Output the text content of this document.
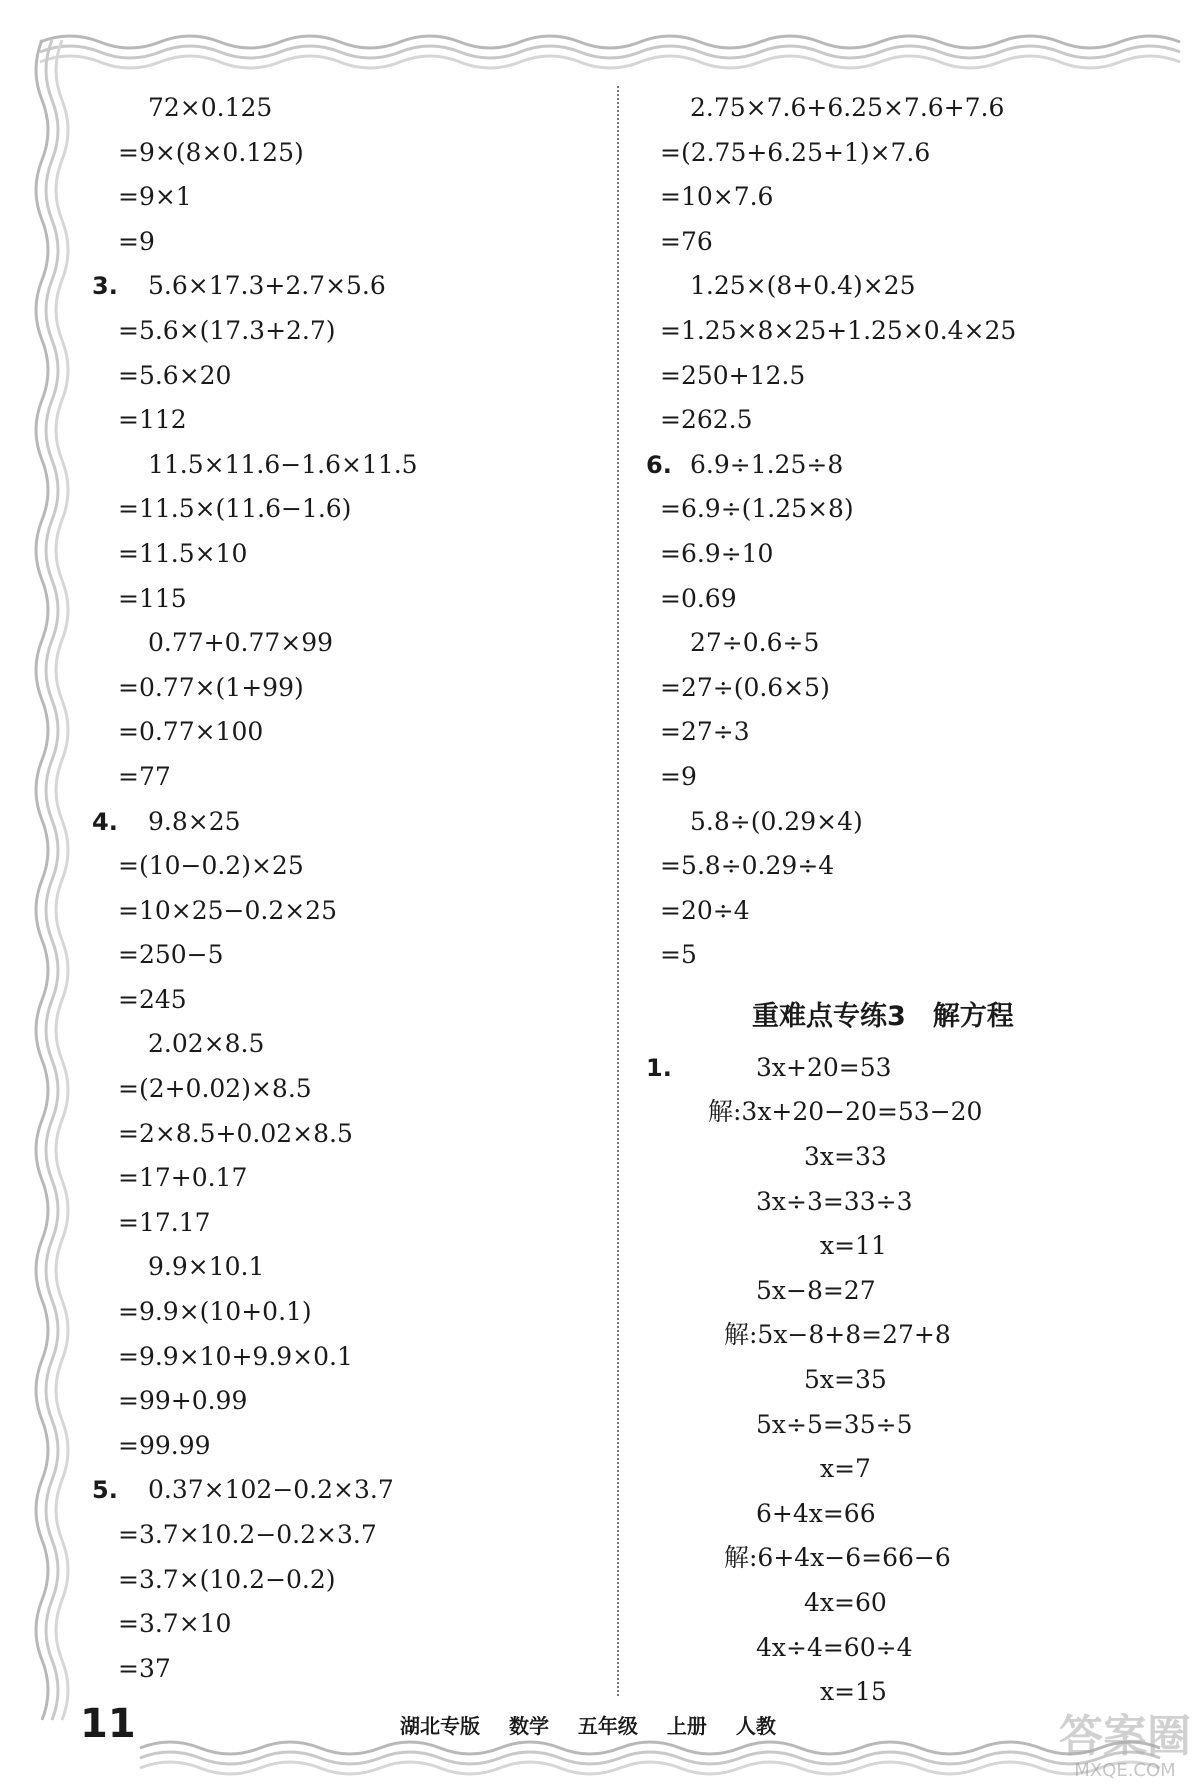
72×0.125
=9×(8×0.125)
=9×1
=9
3. 5.6×17.3+2.7×5.6
=5.6×(17.3+2.7)
=5.6×20
=112
11.5×11.6−1.6×11.5
=11.5×(11.6−1.6)
=11.5×10
=115
0.77+0.77×99
=0.77×(1+99)
=0.77×100
=77
4. 9.8×25
=(10−0.2)×25
=10×25−0.2×25
=250−5
=245
2.02×8.5
=(2+0.02)×8.5
=2×8.5+0.02×8.5
=17+0.17
=17.17
9.9×10.1
=9.9×(10+0.1)
=9.9×10+9.9×0.1
=99+0.99
=99.99
5. 0.37×102−0.2×3.7
=3.7×10.2−0.2×3.7
=3.7×(10.2−0.2)
=3.7×10
=37
2.75×7.6+6.25×7.6+7.6
=(2.75+6.25+1)×7.6
=10×7.6
=76
1.25×(8+0.4)×25
=1.25×8×25+1.25×0.4×25
=250+12.5
=262.5
6. 6.9÷1.25÷8
=6.9÷(1.25×8)
=6.9÷10
=0.69
27÷0.6÷5
=27÷(0.6×5)
=27÷3
=9
5.8÷(0.29×4)
=5.8÷0.29÷4
=20÷4
=5
重难点专练3　解方程
1.	3x+20=53
解:3x+20−20=53−20
3x=33
3x÷3=33÷3
x=11
5x−8=27
解:5x−8+8=27+8
5x=35
5x÷5=35÷5
x=7
6+4x=66
解:6+4x−6=66−6
4x=60
4x÷4=60÷4
x=15
11	湖北专版 数学 五年级 上册 人教	答案圈
MXQE.COM
